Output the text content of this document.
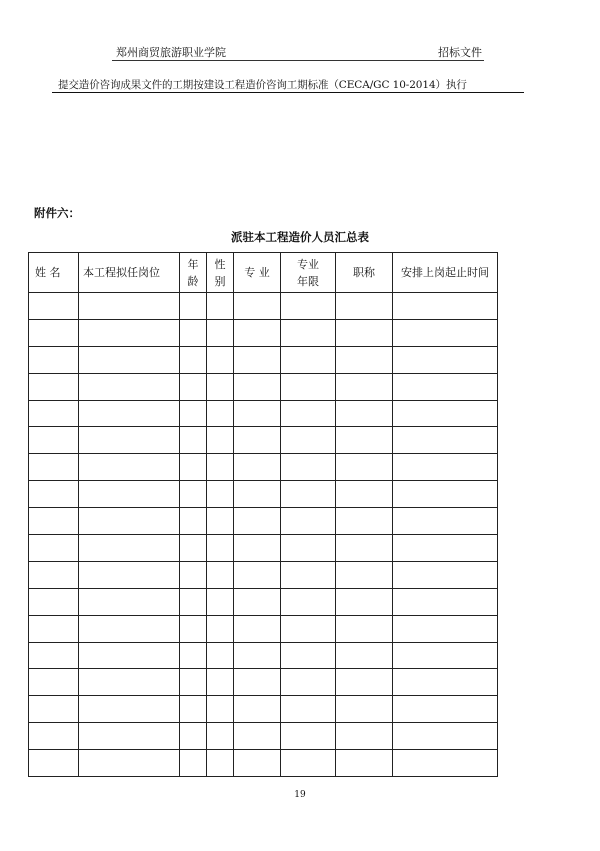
郑州商贸旅游职业学院	招标文件
提交造价咨询成果文件的工期按建设工程造价咨询工期标准（CECA/GC 10-2014）执行
附件六：
派驻本工程造价人员汇总表
姓 名	本工程拟任岗位	年龄	性别	专 业	专业年限	职称	安排上岗起止时间

19
